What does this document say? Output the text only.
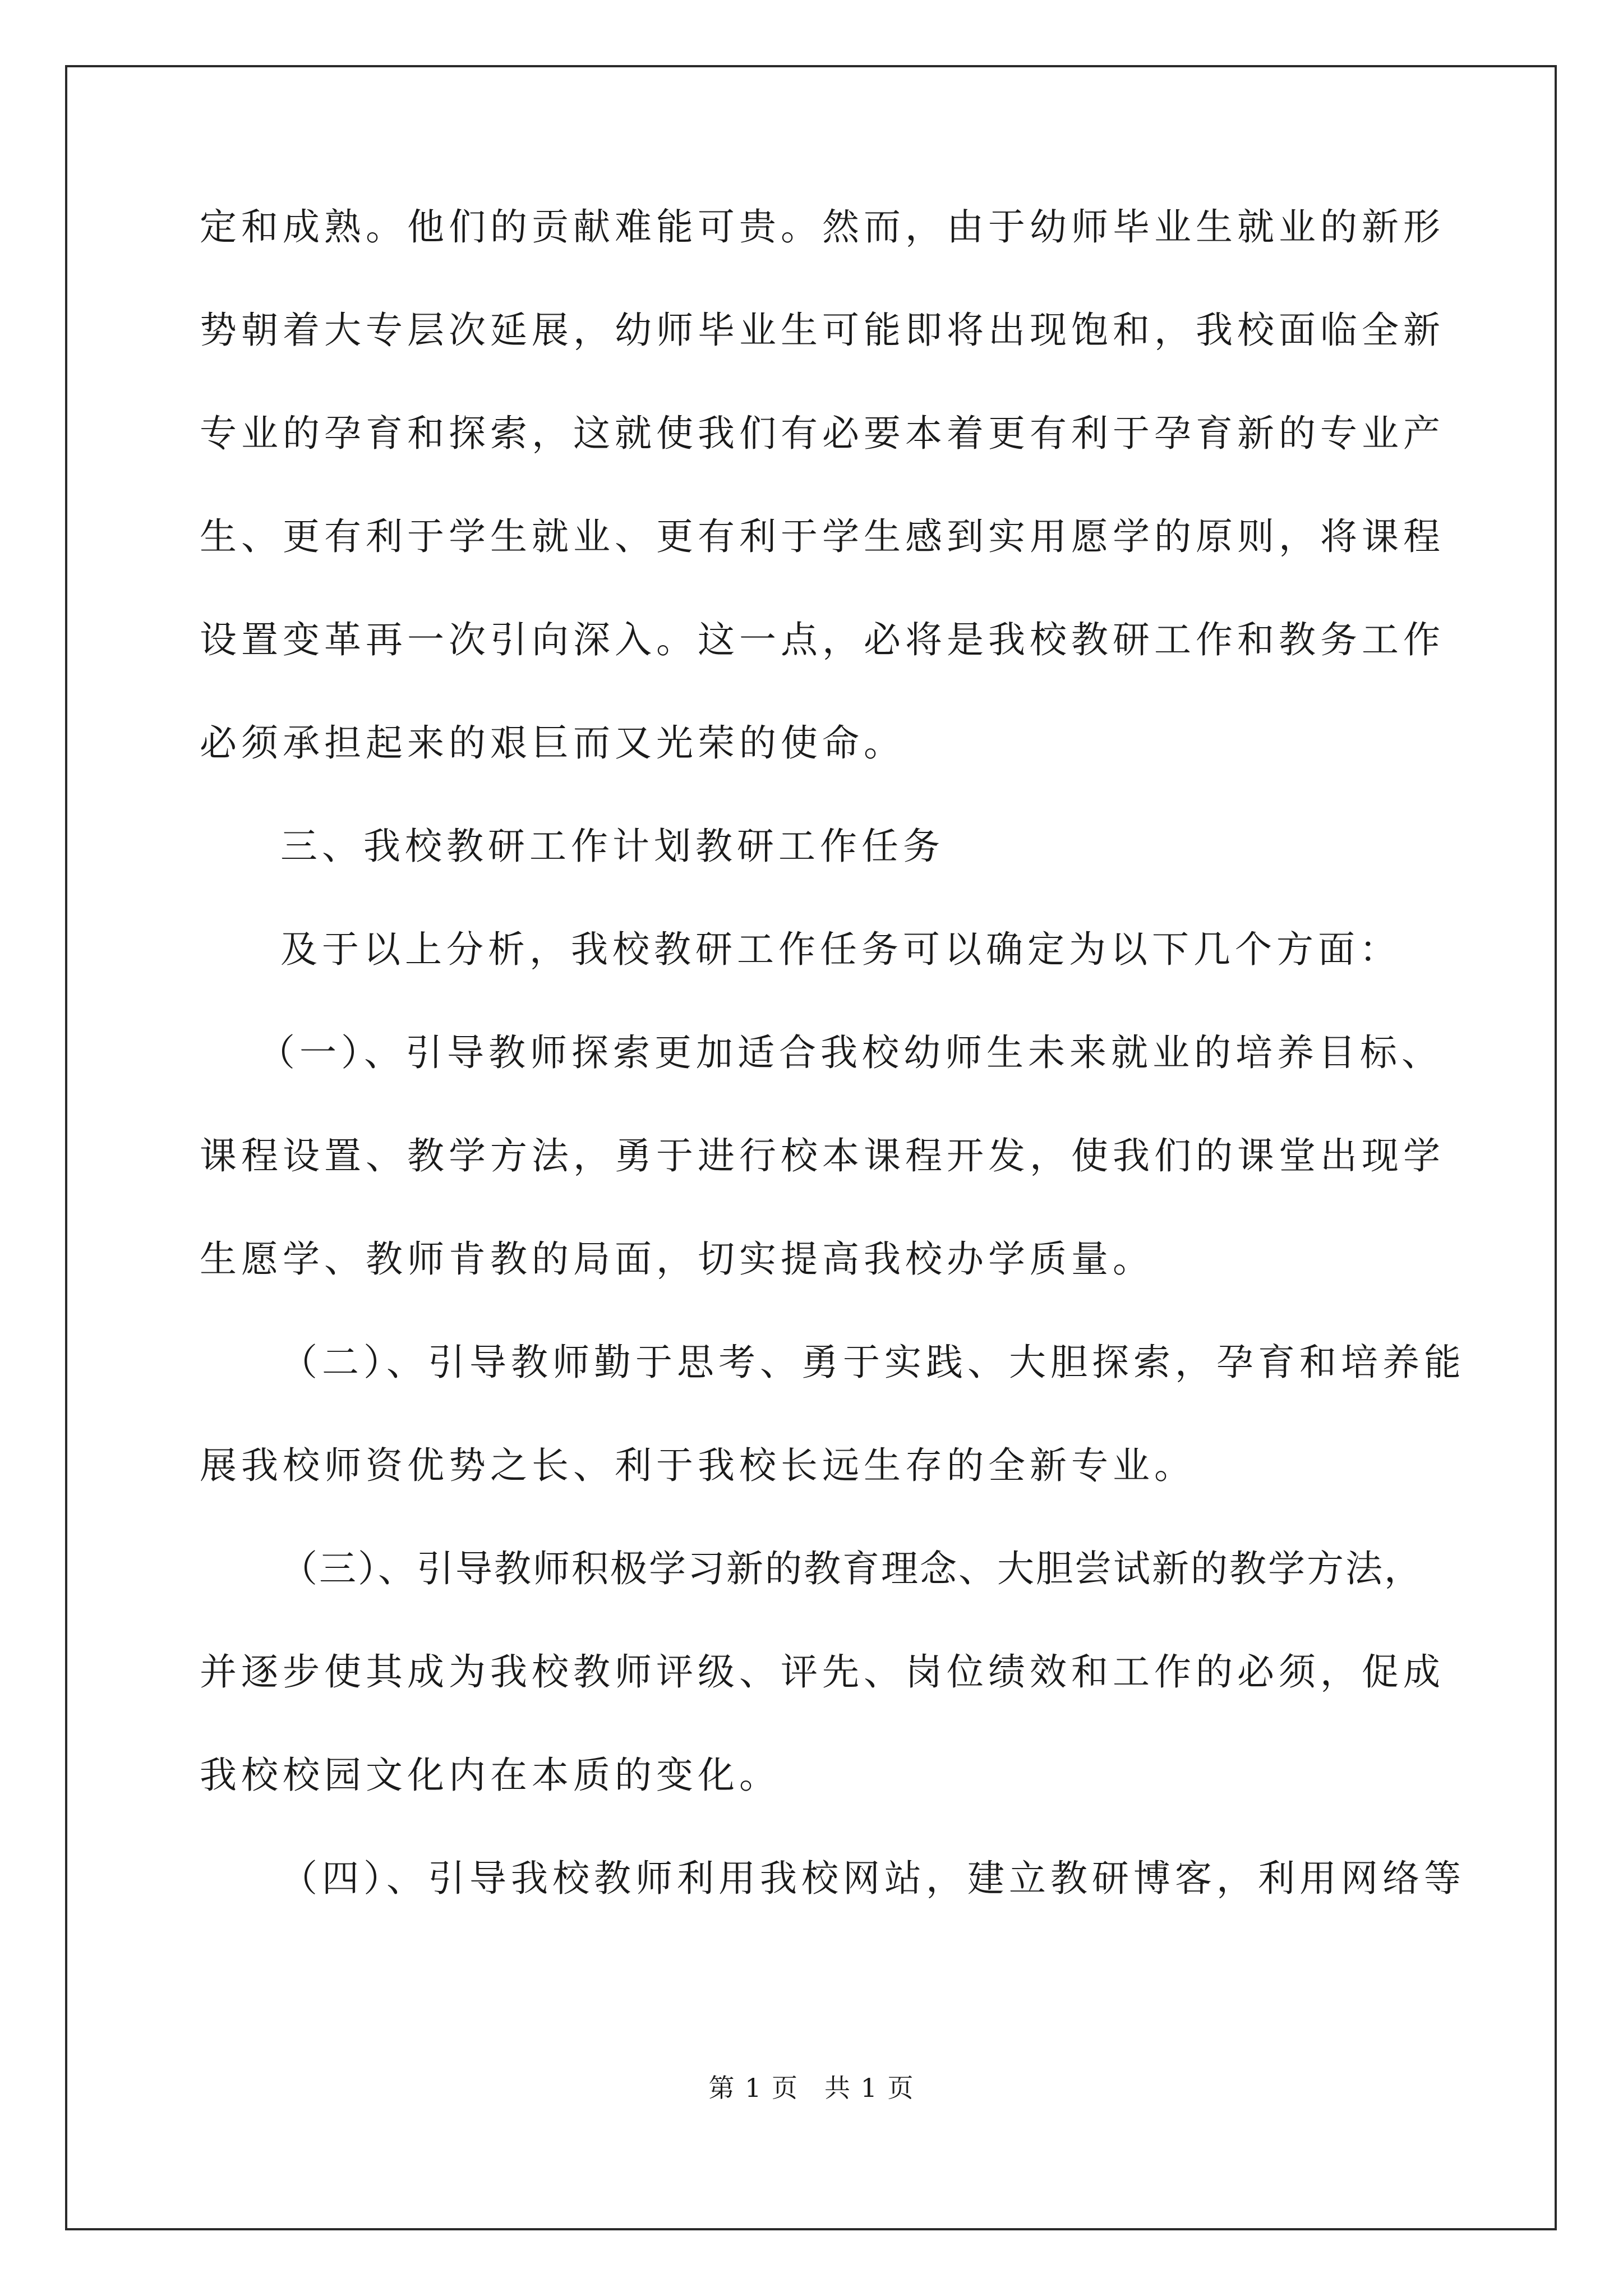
定和成熟。他们的贡献难能可贵。然而，由于幼师毕业生就业的新形
势朝着大专层次延展，幼师毕业生可能即将出现饱和，我校面临全新
专业的孕育和探索，这就使我们有必要本着更有利于孕育新的专业产
生、更有利于学生就业、更有利于学生感到实用愿学的原则，将课程
设置变革再一次引向深入。这一点，必将是我校教研工作和教务工作
必须承担起来的艰巨而又光荣的使命。
三、我校教研工作计划教研工作任务
及于以上分析，我校教研工作任务可以确定为以下几个方面：
（一）、引导教师探索更加适合我校幼师生未来就业的培养目标、
课程设置、教学方法，勇于进行校本课程开发，使我们的课堂出现学
生愿学、教师肯教的局面，切实提高我校办学质量。
（二）、引导教师勤于思考、勇于实践、大胆探索，孕育和培养能
展我校师资优势之长、利于我校长远生存的全新专业。
（三）、引导教师积极学习新的教育理念、大胆尝试新的教学方法，
并逐步使其成为我校教师评级、评先、岗位绩效和工作的必须，促成
我校校园文化内在本质的变化。
（四）、引导我校教师利用我校网站，建立教研博客，利用网络等
第 1 页 共 1 页
